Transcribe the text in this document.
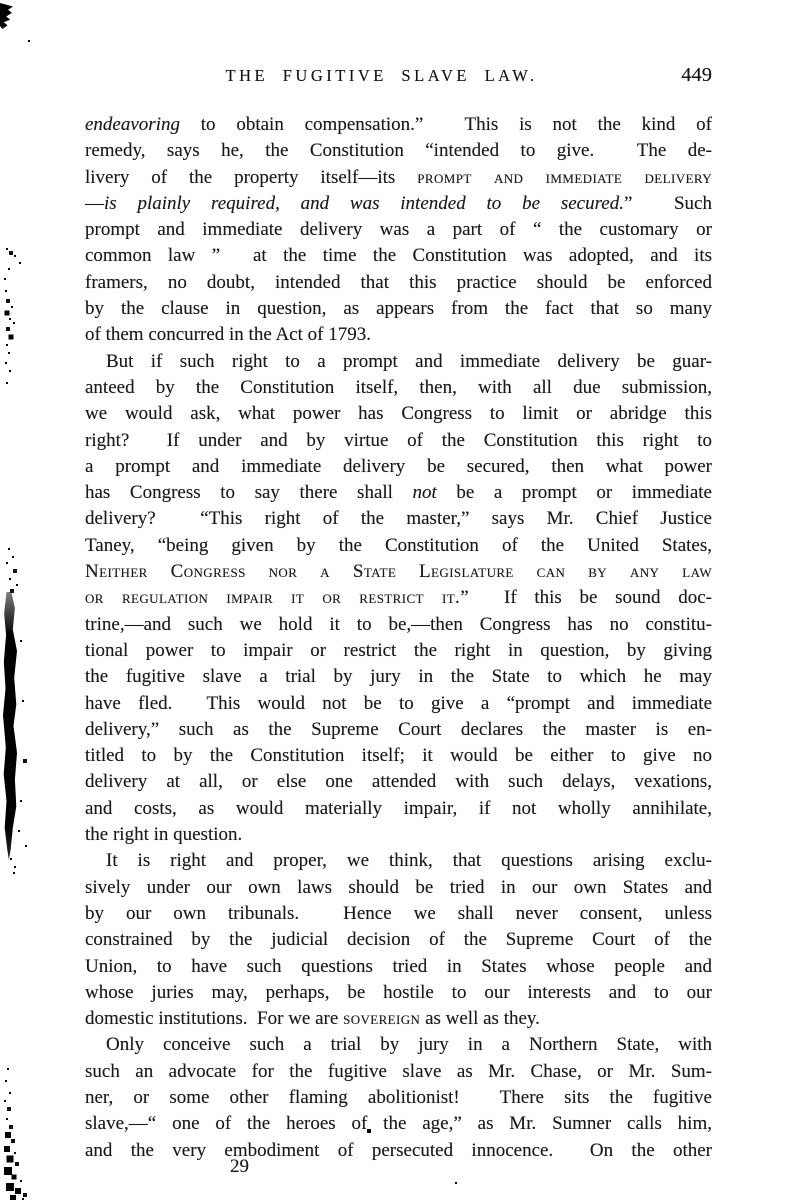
THE FUGITIVE SLAVE LAW.	449
endeavoring to obtain compensation.”  This is not the kind of
remedy, says he, the Constitution “intended to give.  The de-
livery of the property itself—its prompt and immediate delivery
—is plainly required, and was intended to be secured.”  Such
prompt and immediate delivery was a part of “ the customary or
common law ”  at the time the Constitution was adopted, and its
framers, no doubt, intended that this practice should be enforced
by the clause in question, as appears from the fact that so many
of them concurred in the Act of 1793.
But if such right to a prompt and immediate delivery be guar-
anteed by the Constitution itself, then, with all due submission,
we would ask, what power has Congress to limit or abridge this
right?  If under and by virtue of the Constitution this right to
a prompt and immediate delivery be secured, then what power
has Congress to say there shall not be a prompt or immediate
delivery?  “This right of the master,” says Mr. Chief Justice
Taney, “being given by the Constitution of the United States,
Neither Congress nor a State Legislature can by any law
or regulation impair it or restrict it.”  If this be sound doc-
trine,—and such we hold it to be,—then Congress has no constitu-
tional power to impair or restrict the right in question, by giving
the fugitive slave a trial by jury in the State to which he may
have fled.  This would not be to give a “prompt and immediate
delivery,” such as the Supreme Court declares the master is en-
titled to by the Constitution itself; it would be either to give no
delivery at all, or else one attended with such delays, vexations,
and costs, as would materially impair, if not wholly annihilate,
the right in question.
It is right and proper, we think, that questions arising exclu-
sively under our own laws should be tried in our own States and
by our own tribunals.  Hence we shall never consent, unless
constrained by the judicial decision of the Supreme Court of the
Union, to have such questions tried in States whose people and
whose juries may, perhaps, be hostile to our interests and to our
domestic institutions.  For we are sovereign as well as they.
Only conceive such a trial by jury in a Northern State, with
such an advocate for the fugitive slave as Mr. Chase, or Mr. Sum-
ner, or some other flaming abolitionist!  There sits the fugitive
slave,—“ one of the heroes of the age,” as Mr. Sumner calls him,
and the very embodiment of persecuted innocence.  On the other
29
